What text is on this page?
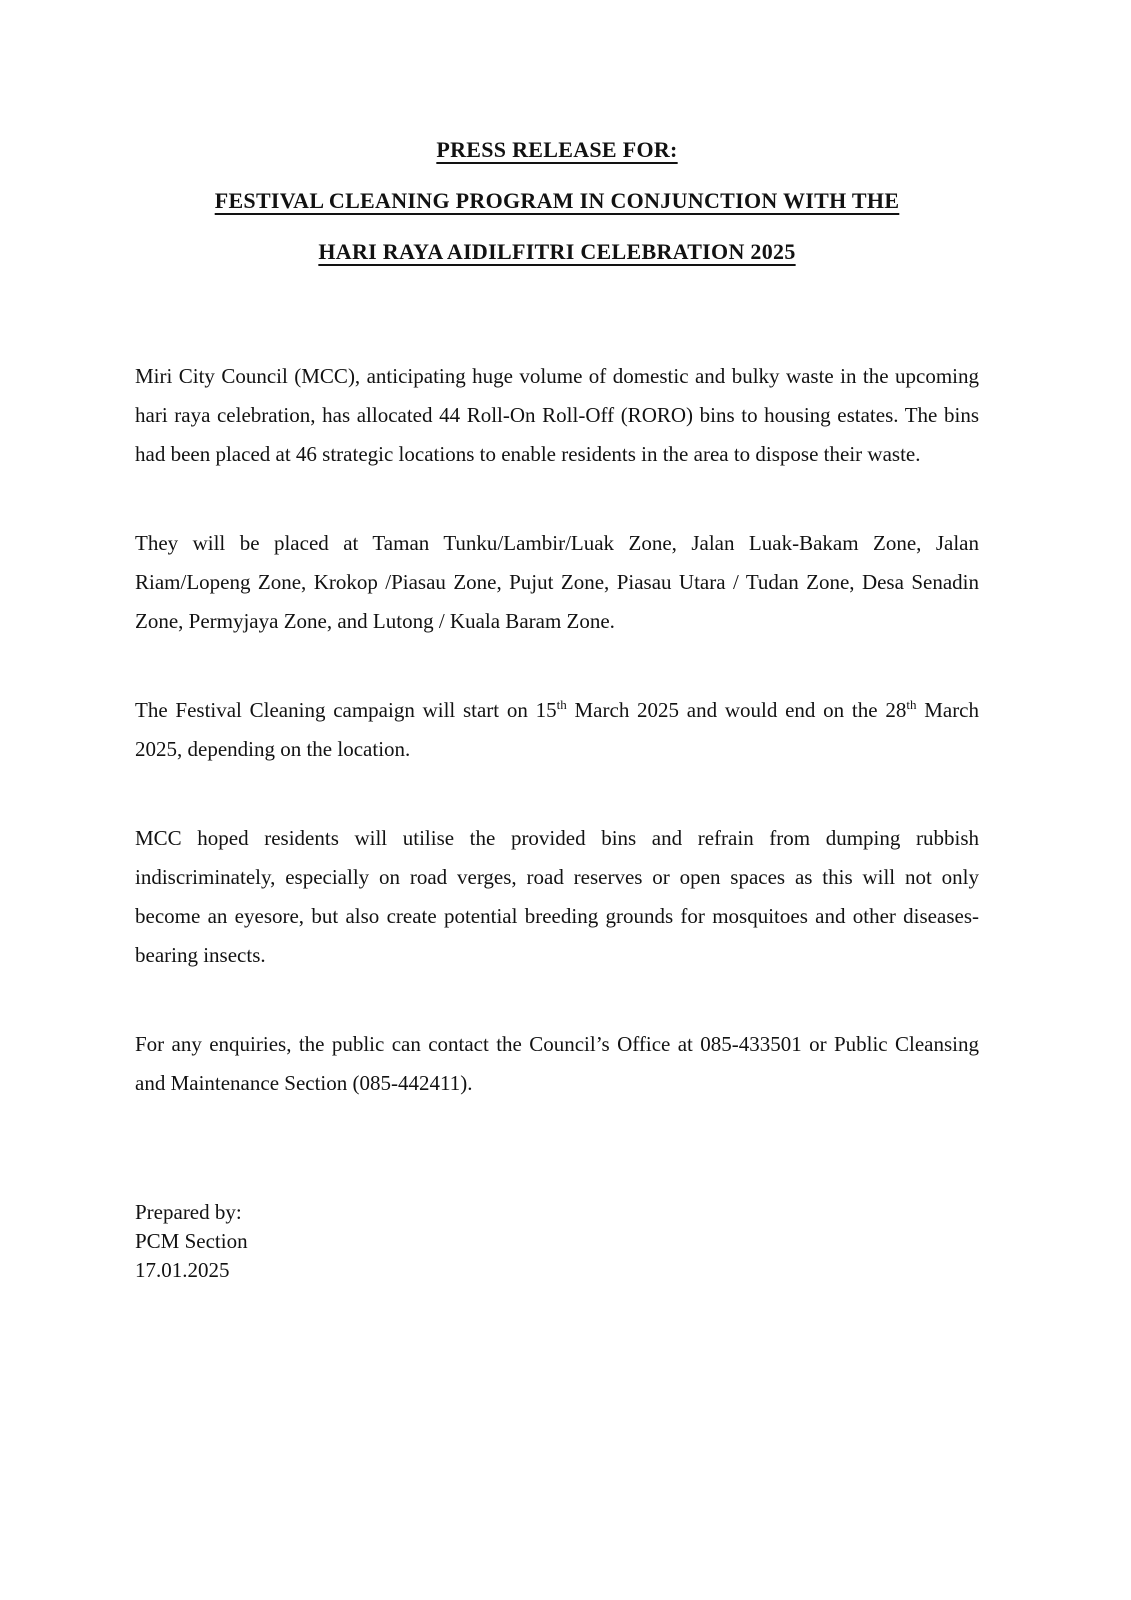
PRESS RELEASE FOR:
FESTIVAL CLEANING PROGRAM IN CONJUNCTION WITH THE
HARI RAYA AIDILFITRI CELEBRATION 2025

Miri City Council (MCC), anticipating huge volume of domestic and bulky waste in the upcoming hari raya celebration, has allocated 44 Roll-On Roll-Off (RORO) bins to housing estates. The bins had been placed at 46 strategic locations to enable residents in the area to dispose their waste.

They will be placed at Taman Tunku/Lambir/Luak Zone, Jalan Luak-Bakam Zone, Jalan Riam/Lopeng Zone, Krokop /Piasau Zone, Pujut Zone, Piasau Utara / Tudan Zone, Desa Senadin Zone, Permyjaya Zone, and Lutong / Kuala Baram Zone.

The Festival Cleaning campaign will start on 15th March 2025 and would end on the 28th March 2025, depending on the location.

MCC hoped residents will utilise the provided bins and refrain from dumping rubbish indiscriminately, especially on road verges, road reserves or open spaces as this will not only become an eyesore, but also create potential breeding grounds for mosquitoes and other diseases-bearing insects.

For any enquiries, the public can contact the Council’s Office at 085-433501 or Public Cleansing and Maintenance Section (085-442411).

Prepared by:
PCM Section
17.01.2025
